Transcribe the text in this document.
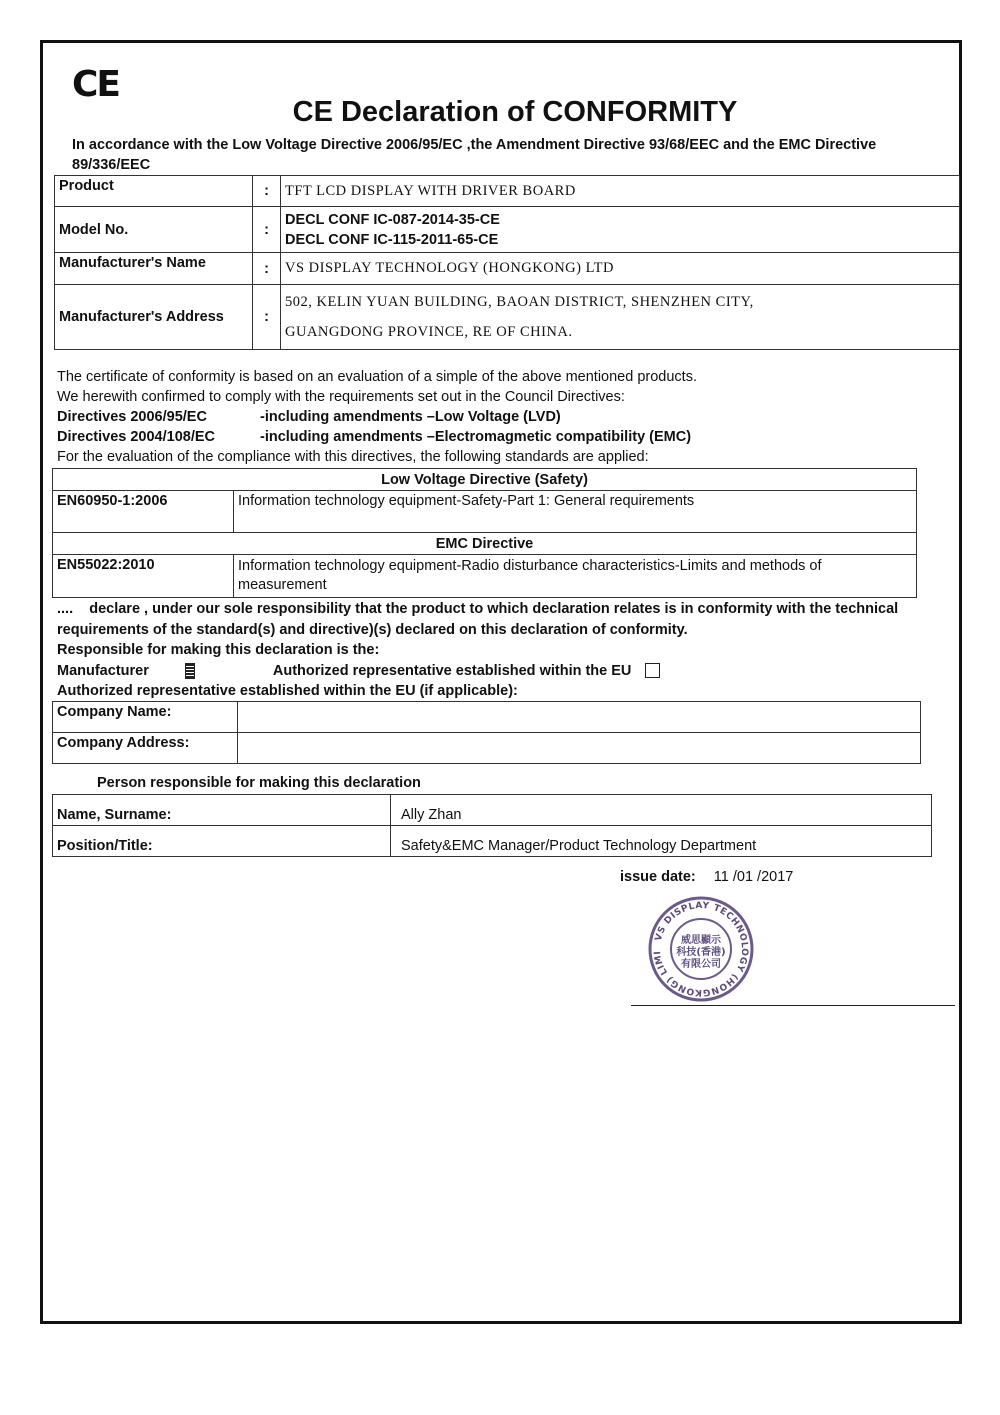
CE
CE Declaration of CONFORMITY
In accordance with the Low Voltage Directive 2006/95/EC ,the Amendment Directive 93/68/EEC and the EMC Directive 89/336/EEC
Product	:	TFT LCD DISPLAY WITH DRIVER BOARD
Model No.	:	DECL CONF IC-087-2014-35-CE
DECL CONF IC-115-2011-65-CE

Manufacturer's Name	:	VS DISPLAY TECHNOLOGY (HONGKONG) LTD
Manufacturer's Address	:	502, KELIN YUAN BUILDING, BAOAN DISTRICT, SHENZHEN CITY,
GUANGDONG PROVINCE, RE OF CHINA.
The certificate of conformity is based on an evaluation of a simple of the above mentioned products.
We herewith confirmed to comply with the requirements set out in the Council Directives:
Directives 2006/95/EC	-including amendments –Low Voltage (LVD)
Directives 2004/108/EC	-including amendments –Electromagmetic compatibility (EMC)
For the evaluation of the compliance with this directives, the following standards are applied:
Low Voltage Directive (Safety)	
EN60950-1:2006	Information technology equipment-Safety-Part 1: General requirements
EMC Directive	
EN55022:2010	Information technology equipment-Radio disturbance characteristics-Limits and methods of measurement
....    declare , under our sole responsibility that the product to which declaration relates is in conformity with the technical requirements of the standard(s) and directive)(s) declared on this declaration of conformity.
Responsible for making this declaration is the:
Manufacturer	Authorized representative established within the EU
Authorized representative established within the EU (if applicable):
Company Name:	
Company Address:	
Person responsible for making this declaration
Name, Surname:	Ally Zhan
Position/Title:	Safety&EMC Manager/Product Technology Department
issue date: 11 /01 /2017
VS DISPLAY TECHNOLOGY (HONGKONG) LIMI
威思顯示
科技(香港)
有限公司
